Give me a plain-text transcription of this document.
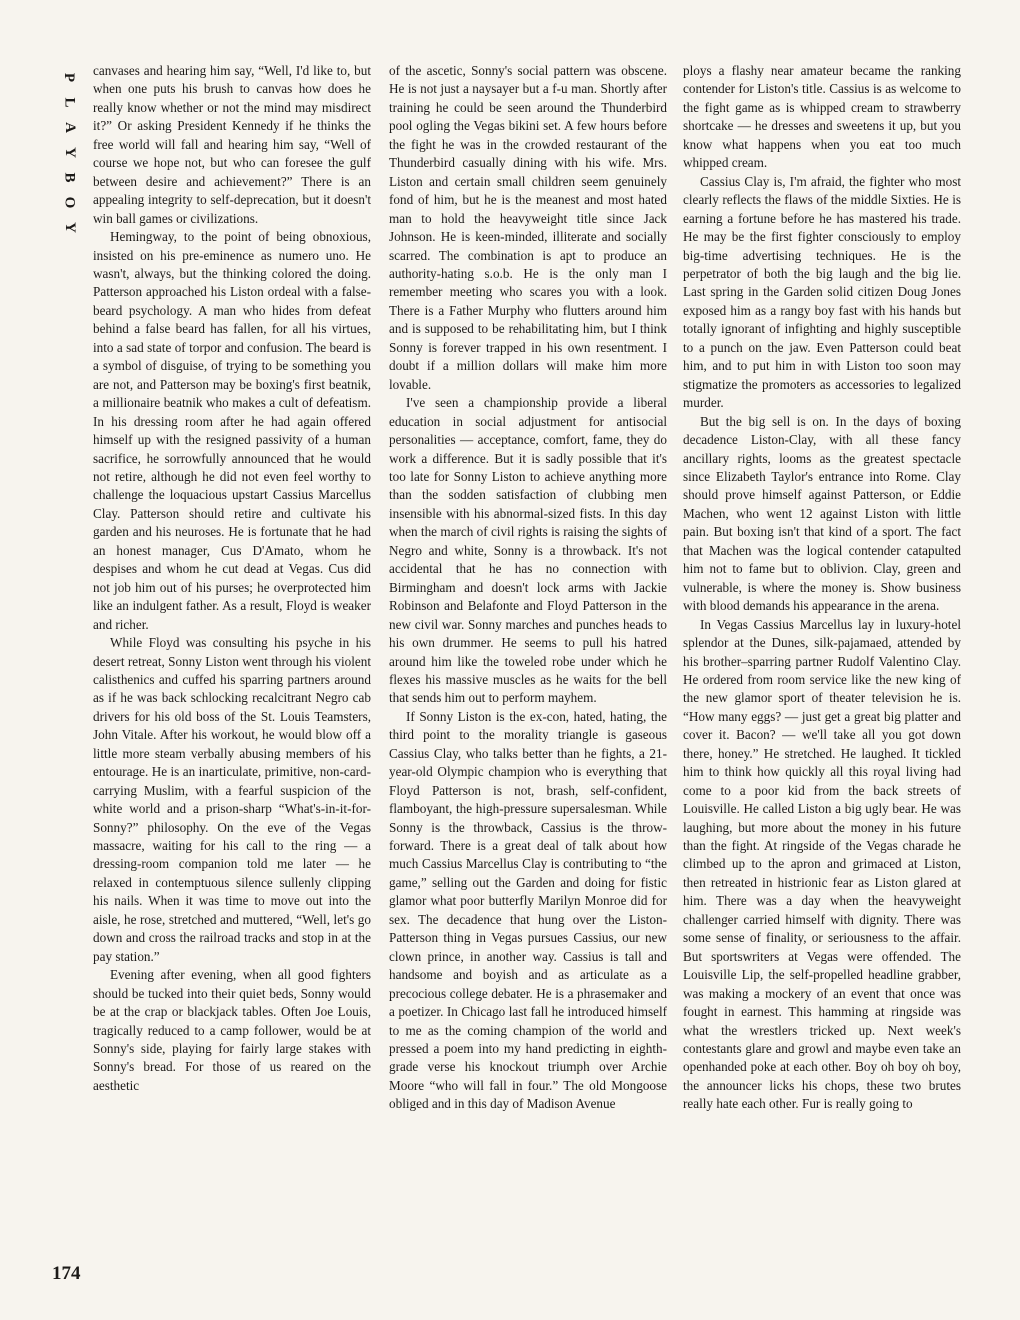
P
L
A
Y
B
O
Y
174

canvases and hearing him say, “Well, I'd like to, but when one puts his brush to canvas how does he really know whether or not the mind may misdirect it?” Or asking President Kennedy if he thinks the free world will fall and hearing him say, “Well of course we hope not, but who can foresee the gulf between desire and achievement?” There is an appealing integrity to self-deprecation, but it doesn't win ball games or civilizations.

Hemingway, to the point of being obnoxious, insisted on his pre-eminence as numero uno. He wasn't, always, but the thinking colored the doing. Patterson approached his Liston ordeal with a false-beard psychology. A man who hides from defeat behind a false beard has fallen, for all his virtues, into a sad state of torpor and confusion. The beard is a symbol of disguise, of trying to be something you are not, and Patterson may be boxing's first beatnik, a millionaire beatnik who makes a cult of defeatism. In his dressing room after he had again offered himself up with the resigned passivity of a human sacrifice, he sorrowfully announced that he would not retire, although he did not even feel worthy to challenge the loquacious upstart Cassius Marcellus Clay. Patterson should retire and cultivate his garden and his neuroses. He is fortunate that he had an honest manager, Cus D'Amato, whom he despises and whom he cut dead at Vegas. Cus did not job him out of his purses; he overprotected him like an indulgent father. As a result, Floyd is weaker and richer.

While Floyd was consulting his psyche in his desert retreat, Sonny Liston went through his violent calisthenics and cuffed his sparring partners around as if he was back schlocking recalcitrant Negro cab drivers for his old boss of the St. Louis Teamsters, John Vitale. After his workout, he would blow off a little more steam verbally abusing members of his entourage. He is an inarticulate, primitive, non-card-carrying Muslim, with a fearful suspicion of the white world and a prison-sharp “What's-in-it-for-Sonny?” philosophy. On the eve of the Vegas massacre, waiting for his call to the ring — a dressing-room companion told me later — he relaxed in contemptuous silence sullenly clipping his nails. When it was time to move out into the aisle, he rose, stretched and muttered, “Well, let's go down and cross the railroad tracks and stop in at the pay station.”

Evening after evening, when all good fighters should be tucked into their quiet beds, Sonny would be at the crap or blackjack tables. Often Joe Louis, tragically reduced to a camp follower, would be at Sonny's side, playing for fairly large stakes with Sonny's bread. For those of us reared on the aesthetic

of the ascetic, Sonny's social pattern was obscene. He is not just a naysayer but a f-u man. Shortly after training he could be seen around the Thunderbird pool ogling the Vegas bikini set. A few hours before the fight he was in the crowded restaurant of the Thunderbird casually dining with his wife. Mrs. Liston and certain small children seem genuinely fond of him, but he is the meanest and most hated man to hold the heavyweight title since Jack Johnson. He is keen-minded, illiterate and socially scarred. The combination is apt to produce an authority-hating s.o.b. He is the only man I remember meeting who scares you with a look. There is a Father Murphy who flutters around him and is supposed to be rehabilitating him, but I think Sonny is forever trapped in his own resentment. I doubt if a million dollars will make him more lovable.

I've seen a championship provide a liberal education in social adjustment for antisocial personalities — acceptance, comfort, fame, they do work a difference. But it is sadly possible that it's too late for Sonny Liston to achieve anything more than the sodden satisfaction of clubbing men insensible with his abnormal-sized fists. In this day when the march of civil rights is raising the sights of Negro and white, Sonny is a throwback. It's not accidental that he has no connection with Birmingham and doesn't lock arms with Jackie Robinson and Belafonte and Floyd Patterson in the new civil war. Sonny marches and punches heads to his own drummer. He seems to pull his hatred around him like the toweled robe under which he flexes his massive muscles as he waits for the bell that sends him out to perform mayhem.

If Sonny Liston is the ex-con, hated, hating, the third point to the morality triangle is gaseous Cassius Clay, who talks better than he fights, a 21-year-old Olympic champion who is everything that Floyd Patterson is not, brash, self-confident, flamboyant, the high-pressure supersalesman. While Sonny is the throwback, Cassius is the throw-forward. There is a great deal of talk about how much Cassius Marcellus Clay is contributing to “the game,” selling out the Garden and doing for fistic glamor what poor butterfly Marilyn Monroe did for sex. The decadence that hung over the Liston-Patterson thing in Vegas pursues Cassius, our new clown prince, in another way. Cassius is tall and handsome and boyish and as articulate as a precocious college debater. He is a phrasemaker and a poetizer. In Chicago last fall he introduced himself to me as the coming champion of the world and pressed a poem into my hand predicting in eighth-grade verse his knockout triumph over Archie Moore “who will fall in four.” The old Mongoose obliged and in this day of Madison Avenue

ploys a flashy near amateur became the ranking contender for Liston's title. Cassius is as welcome to the fight game as is whipped cream to strawberry shortcake — he dresses and sweetens it up, but you know what happens when you eat too much whipped cream.

Cassius Clay is, I'm afraid, the fighter who most clearly reflects the flaws of the middle Sixties. He is earning a fortune before he has mastered his trade. He may be the first fighter consciously to employ big-time advertising techniques. He is the perpetrator of both the big laugh and the big lie. Last spring in the Garden solid citizen Doug Jones exposed him as a rangy boy fast with his hands but totally ignorant of infighting and highly susceptible to a punch on the jaw. Even Patterson could beat him, and to put him in with Liston too soon may stigmatize the promoters as accessories to legalized murder.

But the big sell is on. In the days of boxing decadence Liston-Clay, with all these fancy ancillary rights, looms as the greatest spectacle since Elizabeth Taylor's entrance into Rome. Clay should prove himself against Patterson, or Eddie Machen, who went 12 against Liston with little pain. But boxing isn't that kind of a sport. The fact that Machen was the logical contender catapulted him not to fame but to oblivion. Clay, green and vulnerable, is where the money is. Show business with blood demands his appearance in the arena.

In Vegas Cassius Marcellus lay in luxury-hotel splendor at the Dunes, silk-pajamaed, attended by his brother–sparring partner Rudolf Valentino Clay. He ordered from room service like the new king of the new glamor sport of theater television he is. “How many eggs? — just get a great big platter and cover it. Bacon? — we'll take all you got down there, honey.” He stretched. He laughed. It tickled him to think how quickly all this royal living had come to a poor kid from the back streets of Louisville. He called Liston a big ugly bear. He was laughing, but more about the money in his future than the fight. At ringside of the Vegas charade he climbed up to the apron and grimaced at Liston, then retreated in histrionic fear as Liston glared at him. There was a day when the heavyweight challenger carried himself with dignity. There was some sense of finality, or seriousness to the affair. But sportswriters at Vegas were offended. The Louisville Lip, the self-propelled headline grabber, was making a mockery of an event that once was fought in earnest. This hamming at ringside was what the wrestlers tricked up. Next week's contestants glare and growl and maybe even take an openhanded poke at each other. Boy oh boy oh boy, the announcer licks his chops, these two brutes really hate each other. Fur is really going to
